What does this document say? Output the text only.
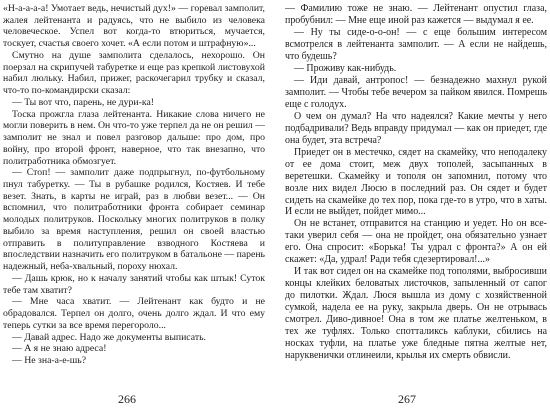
«Н-а-а-а-а! Умотает ведь, нечистый дух!» — горевал замполит, жалея лейтенанта и радуясь, что не выбило из человека человеческое. Успел вот когда-то втюриться, мучается, тоскует, счастья своего хочет. «А если потом и штрафную»...

Смутно на душе замполита сделалось, нехорошо. Он поерзал на скрипучей табуретке и еще раз крепкой листовухой набил люльку. Набил, прижег, раскочегарил трубку и сказал, что-то по-командирски сказал:

— Ты вот что, парень, не дури-ка!

Тоска прожгла глаза лейтенанта. Никакие слова ничего не могли поверить в нем. Он что-то уже терпел да не он решил — замполит не знал и повел разговор дальше: про дом, про войну, про второй фронт, наверное, что так внезапно, что политработника обмозгует.

— Стоп! — замполит даже подпрыгнул, по-футбольному пнул табуретку. — Ты в рубашке родился, Костяев. И тебе везет. Знать, в карты не играй, раз в любви везет... — Он вспомнил, что политработники фронта собирает семинар молодых политруков. Поскольку многих политруков в полку выбило за время наступления, решил он своей властью отправить в политуправление взводного Костяева и впоследствии назначить его политруком в батальоне — парень надежный, неба-хвальный, пороху нюхал.

— Дашь крюк, но к началу занятий чтобы как штык! Суток тебе там хватит?

— Мне часа хватит. — Лейтенант как будто и не обрадовался. Терпел он долго, очень долго ждал. И что ему теперь сутки за все время перегороло...

— Давай адрес. Надо же документы выписать.

— А я не знаю адреса!

— Не зна-а-е-шь?

266

— Фамилию тоже не знаю. — Лейтенант опустил глаза, пробубнил: — Мне еще иной раз кажется — выдумал я ее.

— Ну ты сиде-о-о-он! — с еще большим интересом всмотрелся в лейтенанта замполит. — А если не найдешь, что будешь?

— Проживу как-нибудь.

— Иди давай, антропос! — безнадежно махнул рукой замполит. — Чтобы тебе вечером за пайком явился. Помрешь еще с голодух.

О чем он думал? На что надеялся? Какие мечты у него подбадривали? Ведь вправду придумал — как он приедет, где она будет, эта встреча?

Приедет он в местечко, сядет на скамейку, что неподалеку от ее дома стоит, меж двух тополей, засыпанных в веретешки. Скамейку и тополя он запомнил, потому что возле них видел Люсю в последний раз. Он сядет и будет сидеть на скамейке до тех пор, пока где-то в утро, что в хаты. И если не выйдет, пойдет мимо...

Он не встанет, отправится на станцию и уедет. Но он все-таки уверил себя — она не пройдет, она обязательно узнает его. Она спросит: «Борька! Ты удрал с фронта?» А он ей скажет: «Да, удрал! Ради тебя сдезертировал!...»

И так вот сидел он на скамейке под тополями, выбросивши концы клейких беловатых листочков, запыленный от сапог до пилотки. Ждал. Люся вышла из дому с хозяйственной сумкой, надела ее на руку, закрыла дверь. Он не отрывась смотрел. Диво-дивное! Она в том же платье желтеньком, в тех же туфлях. Только спотталиксь каблуки, сбились на носках туфли, на платье уже бледные пятна желтые нет, наруквенички отлинеили, крылья их смерть обвисли.

267
